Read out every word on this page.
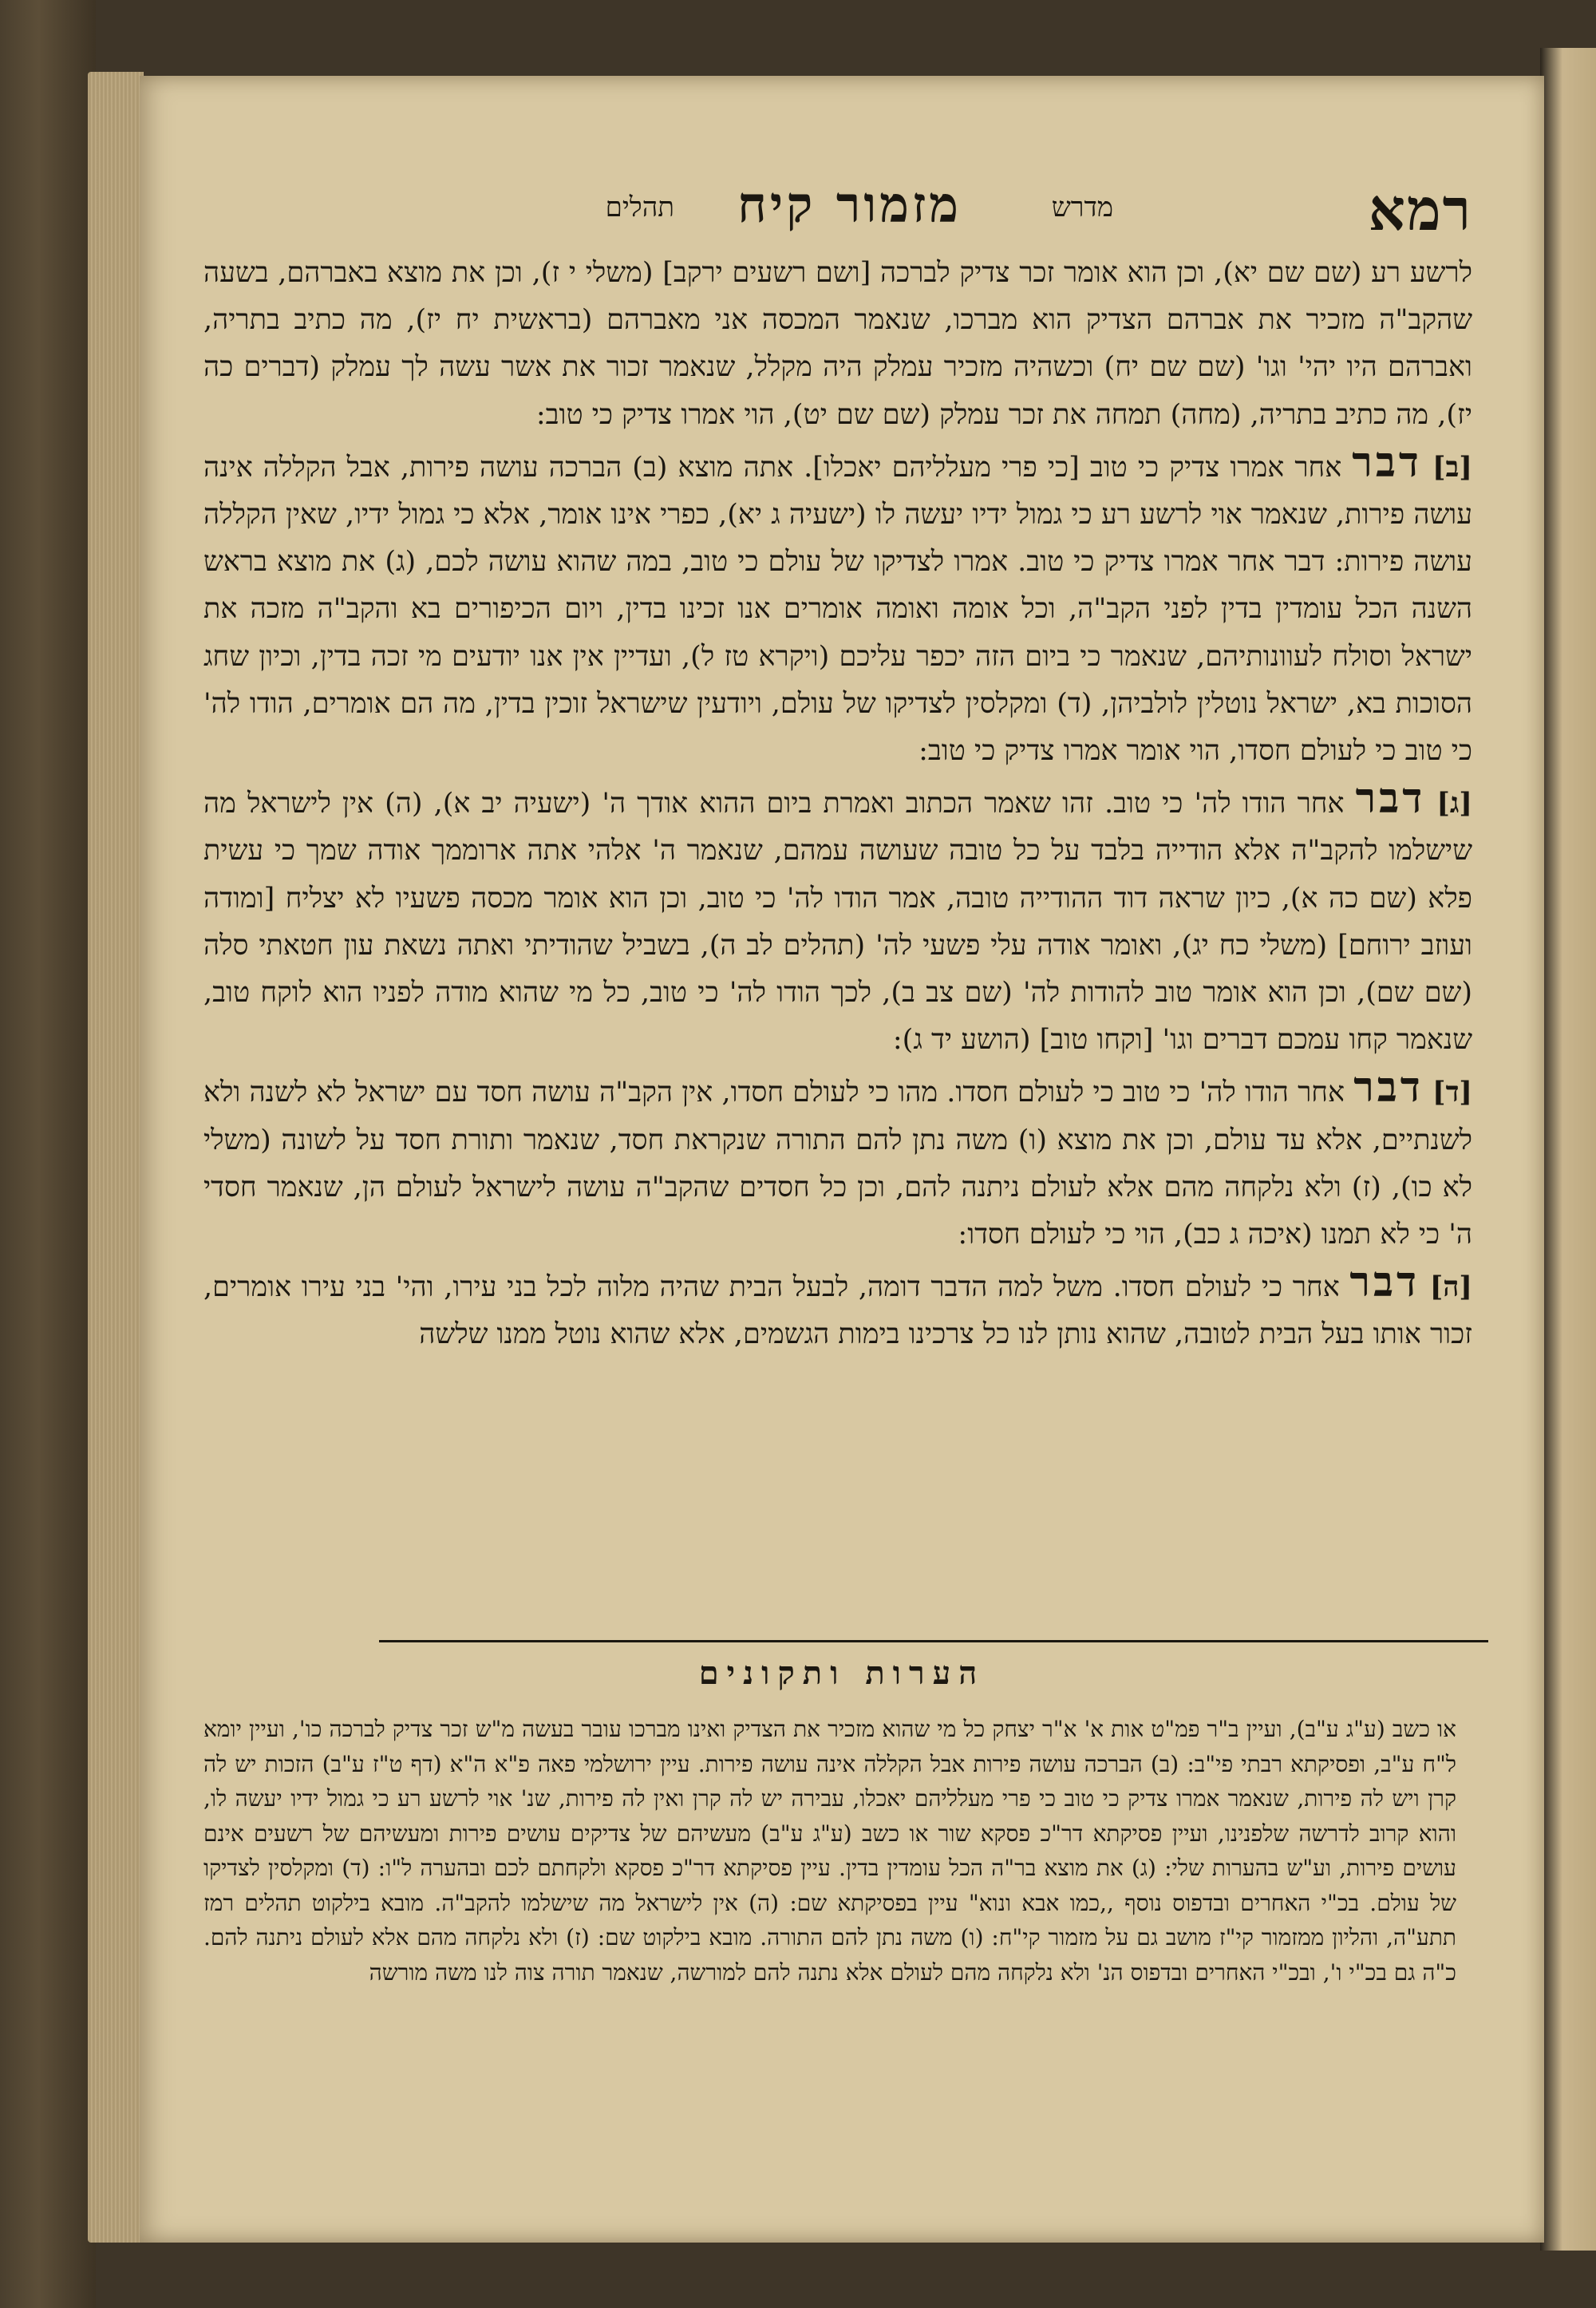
רמא
מדרש
מזמור קיח
תהלים

לרשע רע (שם שם יא), וכן הוא אומר זכר צדיק לברכה [ושם רשעים ירקב] (משלי י ז), וכן את מוצא באברהם, בשעה שהקב"ה מזכיר את אברהם הצדיק הוא מברכו, שנאמר המכסה אני מאברהם (בראשית יח יז), מה כתיב בתריה, ואברהם היו יהי' וגו' (שם שם יח) וכשהיה מזכיר עמלק היה מקלל, שנאמר זכור את אשר עשה לך עמלק (דברים כה יז), מה כתיב בתריה, (מחה) תמחה את זכר עמלק (שם שם יט), הוי אמרו צדיק כי טוב:

[ב] דבר אחר אמרו צדיק כי טוב [כי פרי מעלליהם יאכלו]. אתה מוצא (ב) הברכה עושה פירות, אבל הקללה אינה עושה פירות, שנאמר אוי לרשע רע כי גמול ידיו יעשה לו (ישעיה ג יא), כפרי אינו אומר, אלא כי גמול ידיו, שאין הקללה עושה פירות: דבר אחר אמרו צדיק כי טוב. אמרו לצדיקו של עולם כי טוב, במה שהוא עושה לכם, (ג) את מוצא בראש השנה הכל עומדין בדין לפני הקב"ה, וכל אומה ואומה אומרים אנו זכינו בדין, ויום הכיפורים בא והקב"ה מזכה את ישראל וסולח לעוונותיהם, שנאמר כי ביום הזה יכפר עליכם (ויקרא טז ל), ועדיין אין אנו יודעים מי זכה בדין, וכיון שחג הסוכות בא, ישראל נוטלין לולביהן, (ד) ומקלסין לצדיקו של עולם, ויודעין שישראל זוכין בדין, מה הם אומרים, הודו לה' כי טוב כי לעולם חסדו, הוי אומר אמרו צדיק כי טוב:

[ג] דבר אחר הודו לה' כי טוב. זהו שאמר הכתוב ואמרת ביום ההוא אודך ה' (ישעיה יב א), (ה) אין לישראל מה שישלמו להקב"ה אלא הודייה בלבד על כל טובה שעושה עמהם, שנאמר ה' אלהי אתה ארוממך אודה שמך כי עשית פלא (שם כה א), כיון שראה דוד ההודייה טובה, אמר הודו לה' כי טוב, וכן הוא אומר מכסה פשעיו לא יצליח [ומודה ועוזב ירוחם] (משלי כח יג), ואומר אודה עלי פשעי לה' (תהלים לב ה), בשביל שהודיתי ואתה נשאת עון חטאתי סלה (שם שם), וכן הוא אומר טוב להודות לה' (שם צב ב), לכך הודו לה' כי טוב, כל מי שהוא מודה לפניו הוא לוקח טוב, שנאמר קחו עמכם דברים וגו' [וקחו טוב] (הושע יד ג):

[ד] דבר אחר הודו לה' כי טוב כי לעולם חסדו. מהו כי לעולם חסדו, אין הקב"ה עושה חסד עם ישראל לא לשנה ולא לשנתיים, אלא עד עולם, וכן את מוצא (ו) משה נתן להם התורה שנקראת חסד, שנאמר ותורת חסד על לשונה (משלי לא כו), (ז) ולא נלקחה מהם אלא לעולם ניתנה להם, וכן כל חסדים שהקב"ה עושה לישראל לעולם הן, שנאמר חסדי ה' כי לא תמנו (איכה ג כב), הוי כי לעולם חסדו:

[ה] דבר אחר כי לעולם חסדו. משל למה הדבר דומה, לבעל הבית שהיה מלוה לכל בני עירו, והי' בני עירו אומרים, זכור אותו בעל הבית לטובה, שהוא נותן לנו כל צרכינו בימות הגשמים, אלא שהוא נוטל ממנו שלשה

הערות ותקונים

או כשב (ע"ג ע"ב), ועיין ב"ר פמ"ט אות א' א"ר יצחק כל מי שהוא מזכיר את הצדיק ואינו מברכו עובר בעשה מ"ש זכר צדיק לברכה כו', ועיין יומא ל"ח ע"ב, ופסיקתא רבתי פי"ב: (ב) הברכה עושה פירות אבל הקללה אינה עושה פירות. עיין ירושלמי פאה פ"א ה"א (דף ט"ז ע"ב) הזכות יש לה קרן ויש לה פירות, שנאמר אמרו צדיק כי טוב כי פרי מעלליהם יאכלו, עבירה יש לה קרן ואין לה פירות, שנ' אוי לרשע רע כי גמול ידיו יעשה לו, והוא קרוב לדרשה שלפנינו, ועיין פסיקתא דר"כ פסקא שור או כשב (ע"ג ע"ב) מעשיהם של צדיקים עושים פירות ומעשיהם של רשעים אינם עושים פירות, וע"ש בהערות שלי: (ג) את מוצא בר"ה הכל עומדין בדין. עיין פסיקתא דר"כ פסקא ולקחתם לכם ובהערה ל"ו: (ד) ומקלסין לצדיקו של עולם. בכ"י האחרים ובדפוס נוסף ,,כמו אבא ונוא" עיין בפסיקתא שם: (ה) אין לישראל מה שישלמו להקב"ה. מובא בילקוט תהלים רמז תתע"ה, והליון ממזמור קי"ז מושב גם על מזמור קי"ח: (ו) משה נתן להם התורה. מובא בילקוט שם: (ז) ולא נלקחה מהם אלא לעולם ניתנה להם. כ"ה גם בכ"י ו', ובכ"י האחרים ובדפוס הנ' ולא נלקחה מהם לעולם אלא נתנה להם למורשה, שנאמר תורה צוה לנו משה מורשה
